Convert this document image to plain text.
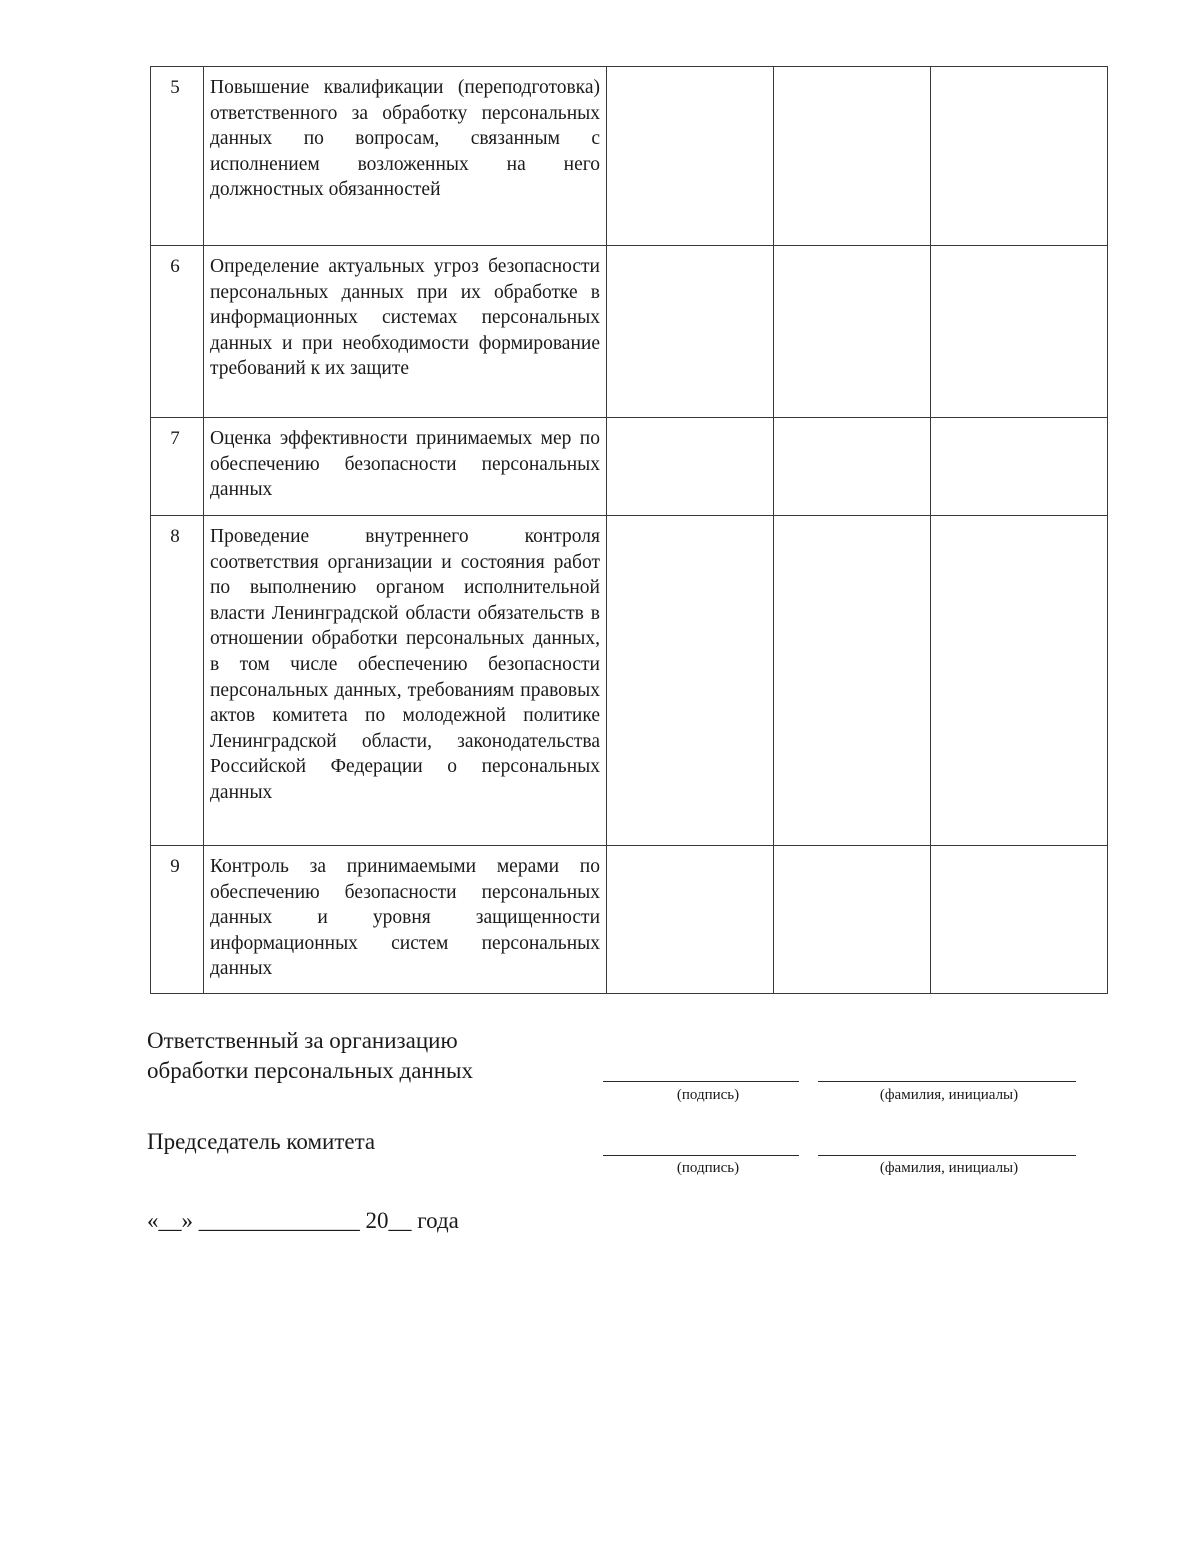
5	Повышение квалификации (переподготовка) ответственного за обработку персональных данных по вопросам, связанным с исполнением возложенных на него должностных обязанностей			
6	Определение актуальных угроз безопасности персональных данных при их обработке в информационных системах персональных данных и при необходимости формирование требований к их защите			
7	Оценка эффективности принимаемых мер по обеспечению безопасности персональных данных			
8	Проведение внутреннего контроля соответствия организации и состояния работ по выполнению органом исполнительной власти Ленинградской области обязательств в отношении обработки персональных данных, в том числе обеспечению безопасности персональных данных, требованиям правовых актов комитета по молодежной политике Ленинградской области, законодательства Российской Федерации о персональных данных			
9	Контроль за принимаемыми мерами по обеспечению безопасности персональных данных и уровня защищенности информационных систем персональных данных			
Ответственный за организацию
обработки персональных данных
(подпись)	(фамилия, инициалы)
Председатель комитета
(подпись)	(фамилия, инициалы)
«__» ______________ 20__ года
